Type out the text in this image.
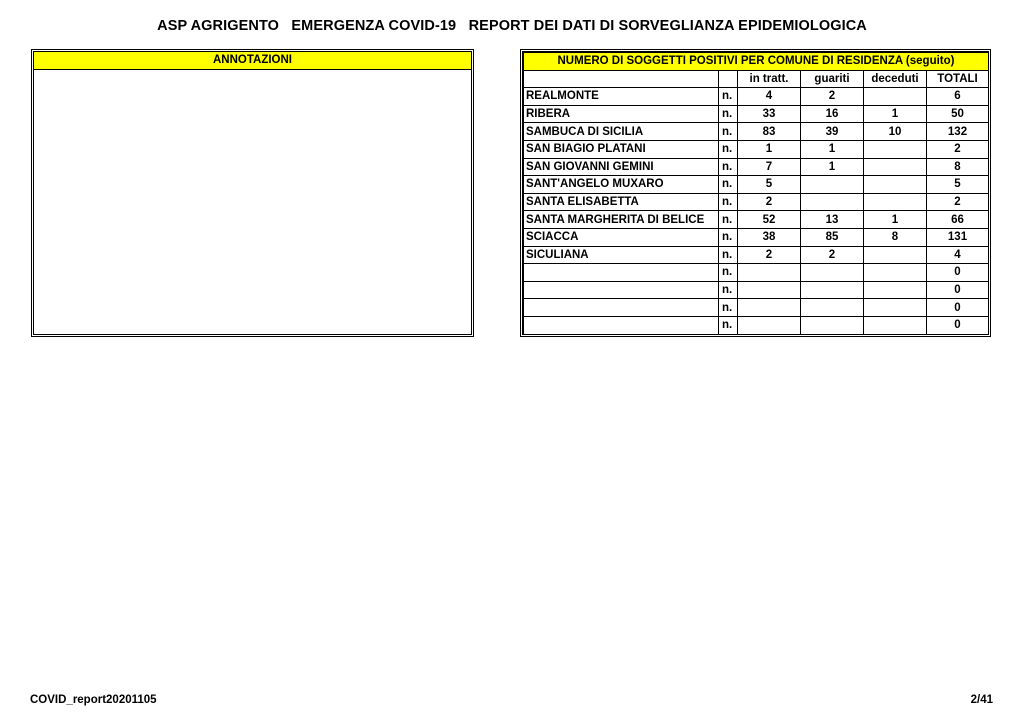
ASP AGRIGENTO   EMERGENZA COVID-19   REPORT DEI DATI DI SORVEGLIANZA EPIDEMIOLOGICA
ANNOTAZIONI	NUMERO DI SOGGETTI POSITIVI PER COMUNE DI RESIDENZA (seguito)					
		in tratt.	guariti	deceduti	TOTALI
REALMONTE	n.	4	2		6
RIBERA	n.	33	16	1	50
SAMBUCA DI SICILIA	n.	83	39	10	132
SAN BIAGIO PLATANI	n.	1	1		2
SAN GIOVANNI GEMINI	n.	7	1		8
SANT'ANGELO MUXARO	n.	5			5
SANTA ELISABETTA	n.	2			2
SANTA MARGHERITA DI BELICE	n.	52	13	1	66
SCIACCA	n.	38	85	8	131
SICULIANA	n.	2	2		4
	n.				0
	n.				0
	n.				0
	n.				0
COVID_report20201105	2/41
